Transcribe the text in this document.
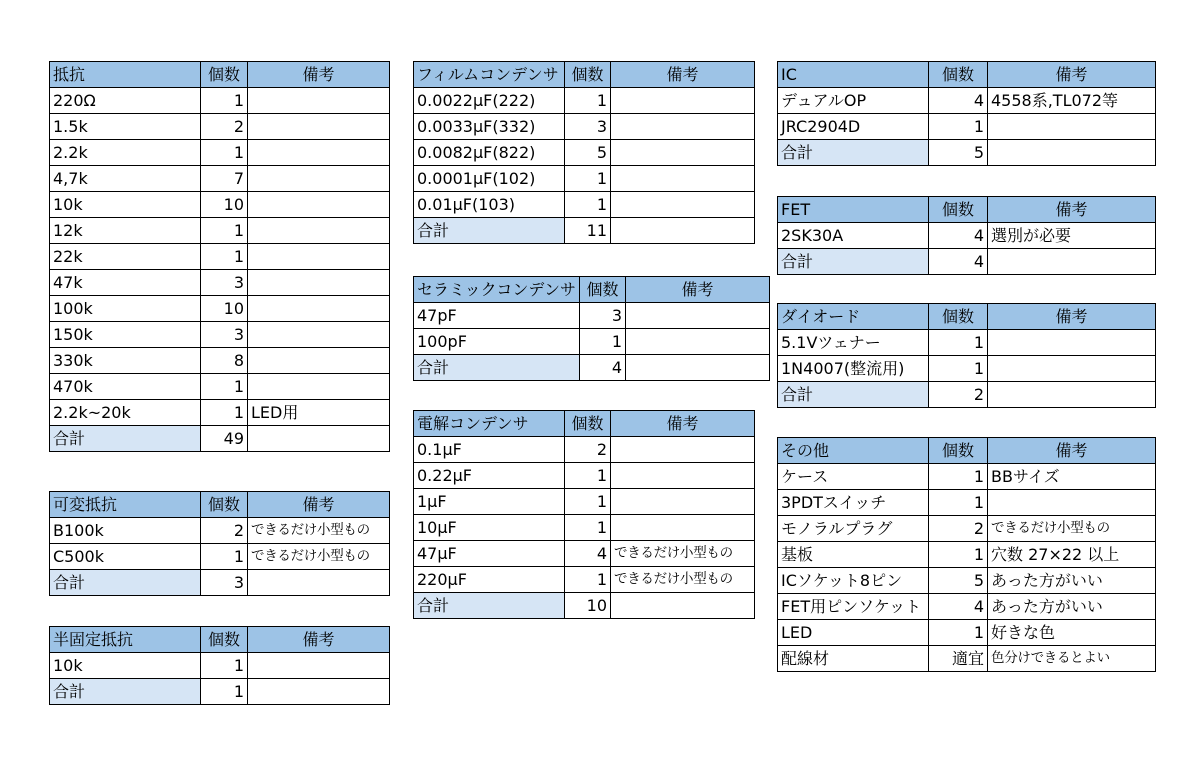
抵抗	個数	備考
220Ω	1	
1.5k	2	
2.2k	1	
4,7k	7	
10k	10	
12k	1	
22k	1	
47k	3	
100k	10	
150k	3	
330k	8	
470k	1	
2.2k~20k	1	LED用
合計	49	
可変抵抗	個数	備考
B100k	2	できるだけ小型もの
C500k	1	できるだけ小型もの
合計	3	
半固定抵抗	個数	備考
10k	1	
合計	1	
フィルムコンデンサ	個数	備考
0.0022μF(222)	1	
0.0033μF(332)	3	
0.0082μF(822)	5	
0.0001μF(102)	1	
0.01μF(103)	1	
合計	11	
セラミックコンデンサ	個数	備考
47pF	3	
100pF	1	
合計	4	
電解コンデンサ	個数	備考
0.1μF	2	
0.22μF	1	
1μF	1	
10μF	1	
47μF	4	できるだけ小型もの
220μF	1	できるだけ小型もの
合計	10	
IC	個数	備考
デュアルOP	4	4558系,TL072等
JRC2904D	1	
合計	5	
FET	個数	備考
2SK30A	4	選別が必要
合計	4	
ダイオード	個数	備考
5.1Vツェナー	1	
1N4007(整流用)	1	
合計	2	
その他	個数	備考
ケース	1	BBサイズ
3PDTスイッチ	1	
モノラルプラグ	2	できるだけ小型もの
基板	1	穴数 27×22 以上
ICソケット8ピン	5	あった方がいい
FET用ピンソケット	4	あった方がいい
LED	1	好きな色
配線材	適宜	色分けできるとよい
